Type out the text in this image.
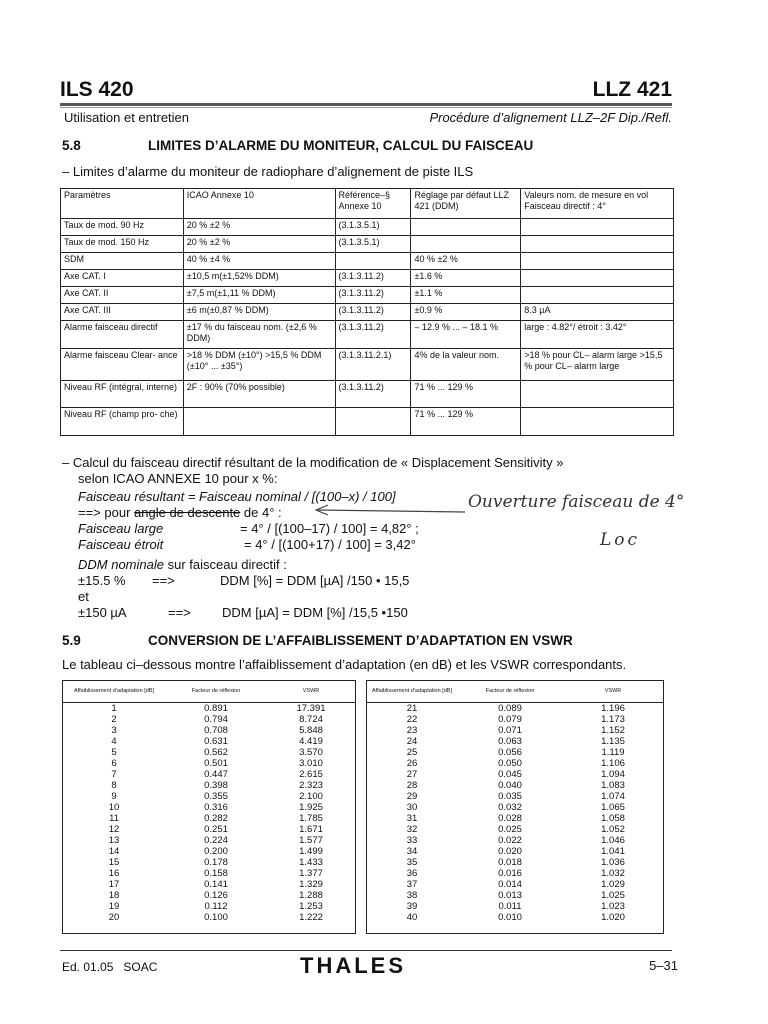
ILS 420	LLZ 421
Utilisation et entretien	Procédure d’alignement LLZ–2F Dip./Refl.
5.8	LIMITES D’ALARME DU MONITEUR, CALCUL DU FAISCEAU
– Limites d’alarme du moniteur de radiophare d’alignement de piste ILS
Paramètres	ICAO Annexe 10	Référence–§ Annexe 10	Réglage par défaut LLZ 421 (DDM)	Valeurs nom. de mesure en vol Faisceau directif : 4°
Taux de mod. 90 Hz	20 % ±2 %	(3.1.3.5.1)		
Taux de mod. 150 Hz	20 % ±2 %	(3.1.3.5.1)		
SDM	40 % ±4 %		40 % ±2 %	
Axe CAT. I	±10,5 m(±1,52% DDM)	(3.1.3.11.2)	±1.6 %	
Axe CAT. II	±7,5 m(±1,11 % DDM)	(3.1.3.11.2)	±1.1 %	
Axe CAT. III	±6 m(±0,87 % DDM)	(3.1.3.11.2)	±0.9 %	8.3 µA
Alarme faisceau directif	±17 % du faisceau nom. (±2,6 % DDM)	(3.1.3.11.2)	– 12.9 % ... – 18.1 %	large : 4.82°/ étroit : 3.42°
Alarme faisceau Clear- ance	>18 % DDM (±10°) >15,5 % DDM (±10° ... ±35°)	(3.1.3.11.2.1)	4% de la valeur nom.	>18 % pour CL– alarm large >15,5 % pour CL– alarm large
Niveau RF (intégral, interne)	2F : 90% (70% possible)	(3.1.3.11.2)	71 % ... 129 %	
Niveau RF (champ pro- che)			71 % ... 129 %	
– Calcul du faisceau directif résultant de la modification de « Displacement Sensitivity »
selon ICAO ANNEXE 10 pour x %:
Faisceau résultant = Faisceau nominal / [(100–x) / 100]
==> pour angle de descente de 4° :
Faisceau large	= 4° / [(100–17) / 100] = 4,82° ;
Faisceau étroit	= 4° / [(100+17) / 100] = 3,42°
DDM nominale sur faisceau directif :
±15.5 % ==>	DDM [%] = DDM [µA] /150 • 15,5
et
±150 µA	==> DDM [µA] = DDM [%] /15,5 •150
Ouverture faisceau de 4°
Loc
5.9	CONVERSION DE L’AFFAIBLISSEMENT D’ADAPTATION EN VSWR
Le tableau ci–dessous montre l’affaiblissement d’adaptation (en dB) et les VSWR correspondants.
Affaiblissement d’adaptation [dB]	Facteur de réflexion	VSWR
1	0.891	17.391
2	0.794	8.724
3	0.708	5.848
4	0.631	4.419
5	0.562	3.570
6	0.501	3.010
7	0.447	2.615
8	0.398	2.323
9	0.355	2.100
10	0.316	1.925
11	0.282	1.785
12	0.251	1.671
13	0.224	1.577
14	0.200	1.499
15	0.178	1.433
16	0.158	1.377
17	0.141	1.329
18	0.126	1.288
19	0.112	1.253
20	0.100	1.222
Affaiblissement d’adaptation [dB]	Facteur de réflexion	VSWR
21	0.089	1.196
22	0.079	1.173
23	0.071	1.152
24	0.063	1.135
25	0.056	1.119
26	0.050	1.106
27	0.045	1.094
28	0.040	1.083
29	0.035	1.074
30	0.032	1.065
31	0.028	1.058
32	0.025	1.052
33	0.022	1.046
34	0.020	1.041
35	0.018	1.036
36	0.016	1.032
37	0.014	1.029
38	0.013	1.025
39	0.011	1.023
40	0.010	1.020
Ed. 01.05 SOAC	THALES	5–31
